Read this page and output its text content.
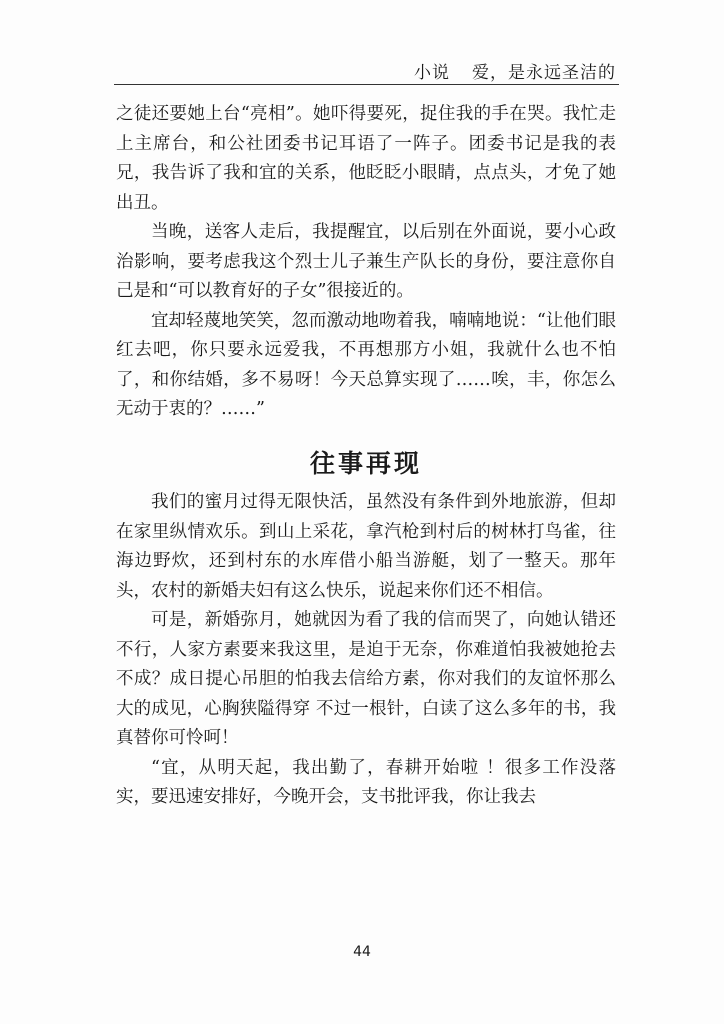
小说 爱，是永远圣洁的

之徒还要她上台“亮相”。她吓得要死，捉住我的手在哭。我忙走上主席台，和公社团委书记耳语了一阵子。团委书记是我的表兄，我告诉了我和宜的关系，他眨眨小眼睛，点点头，才免了她出丑。

当晚，送客人走后，我提醒宜，以后别在外面说，要小心政治影响，要考虑我这个烈士儿子兼生产队长的身份，要注意你自己是和“可以教育好的子女”很接近的。

宜却轻蔑地笑笑，忽而激动地吻着我，喃喃地说：“让他们眼红去吧，你只要永远爱我，不再想那方小姐，我就什么也不怕了，和你结婚，多不易呀！今天总算实现了……唉，丰，你怎么无动于衷的？……”

往事再现

我们的蜜月过得无限快活，虽然没有条件到外地旅游，但却在家里纵情欢乐。到山上采花，拿汽枪到村后的树林打鸟雀，往海边野炊，还到村东的水库借小船当游艇，划了一整天。那年头，农村的新婚夫妇有这么快乐，说起来你们还不相信。

可是，新婚弥月，她就因为看了我的信而哭了，向她认错还不行，人家方素要来我这里，是迫于无奈，你难道怕我被她抢去不成？成日提心吊胆的怕我去信给方素，你对我们的友谊怀那么大的成见，心胸狭隘得穿 不过一根针，白读了这么多年的书，我真替你可怜呵！

“宜，从明天起，我出勤了，春耕开始啦 ！很多工作没落实，要迅速安排好，今晚开会，支书批评我，你让我去

44
